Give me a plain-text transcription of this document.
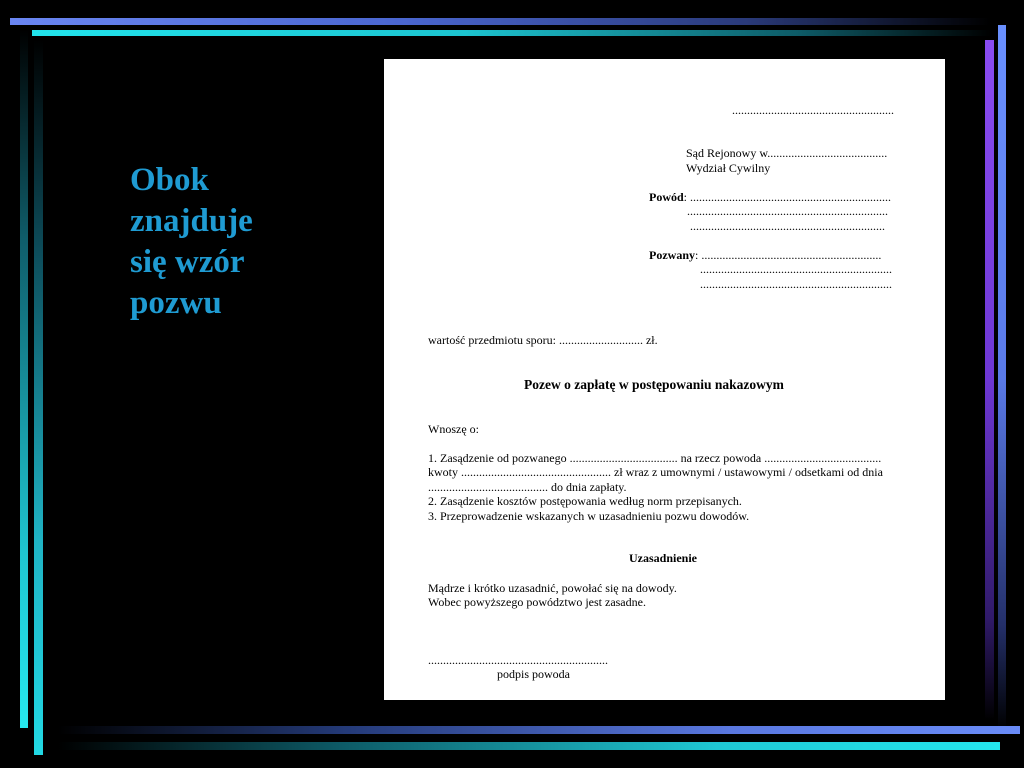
Obok
znajduje
się wzór
pozwu

......................................................

Sąd Rejonowy w........................................

Wydział Cywilny

Powód: ...................................................................

...................................................................

.................................................................

Pozwany: ............................................................

................................................................

................................................................

wartość przedmiotu sporu: ............................ zł.

Pozew o zapłatę w postępowaniu nakazowym

Wnoszę o:

1. Zasądzenie od pozwanego .................................... na rzecz powoda .......................................

kwoty .................................................. zł wraz z umownymi / ustawowymi / odsetkami od dnia

........................................ do dnia zapłaty.

2. Zasądzenie kosztów postępowania według norm przepisanych.

3. Przeprowadzenie wskazanych w uzasadnieniu pozwu dowodów.

Uzasadnienie

Mądrze i krótko uzasadnić, powołać się na dowody.

Wobec powyższego powództwo jest zasadne.

............................................................

podpis powoda
